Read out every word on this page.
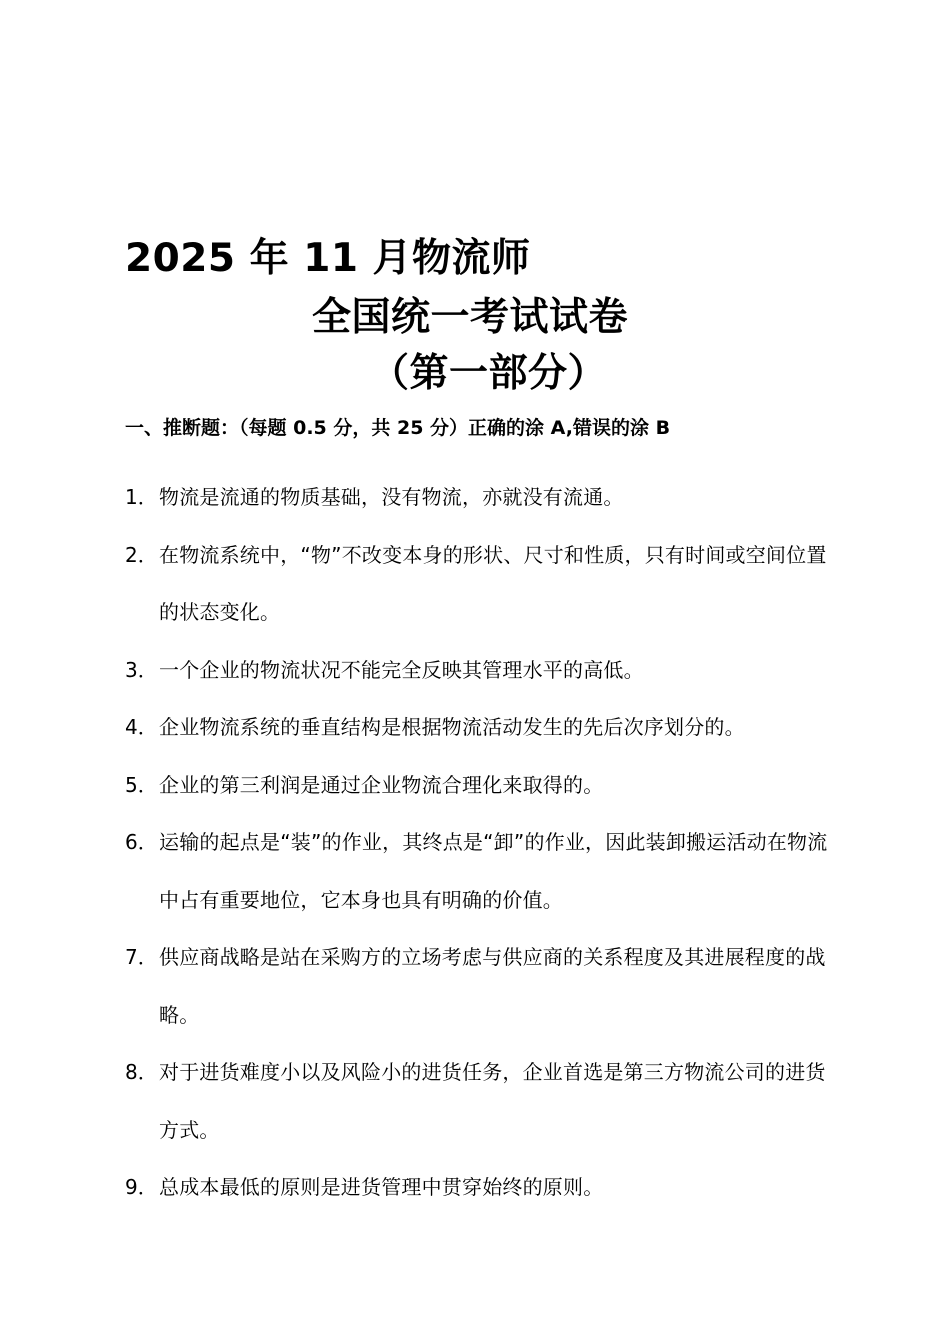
2025 年 11 月物流师
全国统一考试试卷
（第一部分）
一、推断题：（每题 0.5 分，共 25 分）正确的涂 A,错误的涂 B
1． 物流是流通的物质基础，没有物流，亦就没有流通。
2． 在物流系统中，“物”不改变本身的形状、尺寸和性质，只有时间或空间位置的状态变化。
3． 一个企业的物流状况不能完全反映其管理水平的高低。
4． 企业物流系统的垂直结构是根据物流活动发生的先后次序划分的。
5． 企业的第三利润是通过企业物流合理化来取得的。
6． 运输的起点是“装”的作业，其终点是“卸”的作业，因此装卸搬运活动在物流中占有重要地位，它本身也具有明确的价值。
7． 供应商战略是站在采购方的立场考虑与供应商的关系程度及其进展程度的战略。
8． 对于进货难度小以及风险小的进货任务，企业首选是第三方物流公司的进货方式。
9． 总成本最低的原则是进货管理中贯穿始终的原则。
